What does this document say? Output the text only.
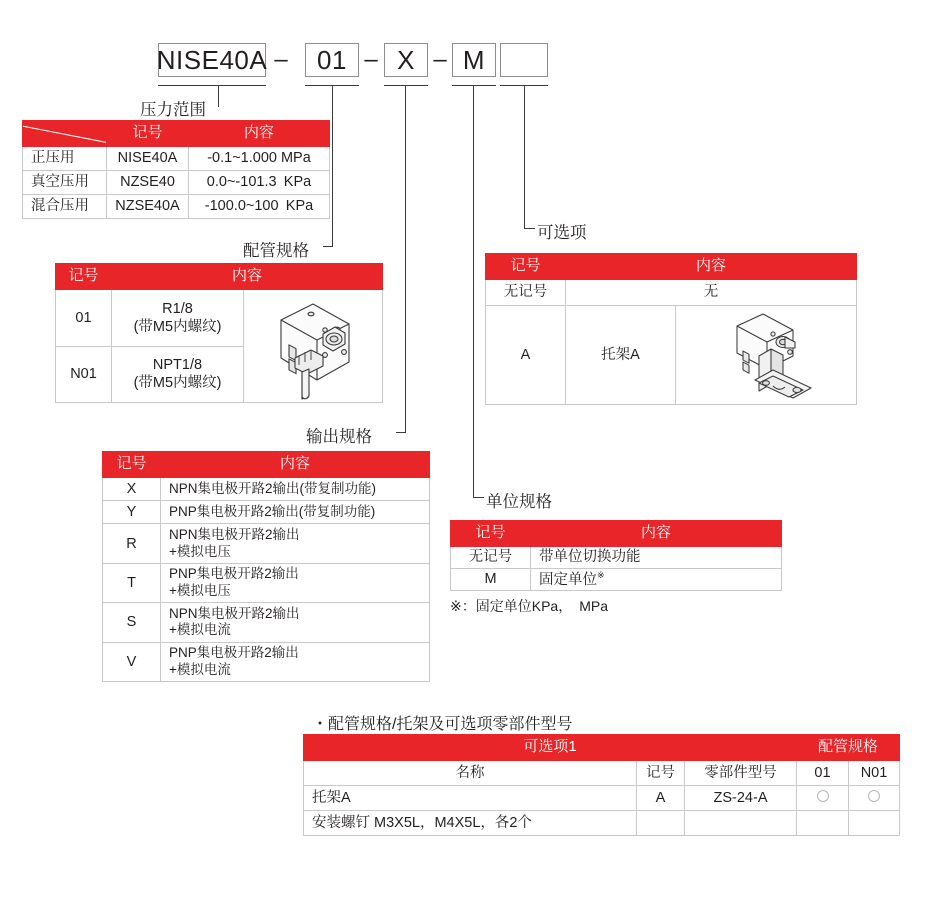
NISE40A – 01 – X – M
压力范围
配管规格
输出规格
可选项
单位规格
	记号	内容
正压用	NISE40A	-0.1~1.000 MPa
真空压用	NZSE40	0.0~-101.3 KPa
混合压用	NZSE40A	-100.0~100 KPa
记号	内容	
01	R1/8
(带M5内螺纹)

N01	NPT1/8
(带M5内螺纹)	
记号	内容
X	NPN集电极开路2输出(带复制功能)

Y	PNP集电极开路2输出(带复制功能)

R	NPN集电极开路2输出
+模拟电压

T	PNP集电极开路2输出
+模拟电压

S	NPN集电极开路2输出
+模拟电流

V	PNP集电极开路2输出
+模拟电流
记号	内容	
无记号	无	
A	托架A	
记号	内容
无记号	带单位切换功能
M	固定单位※
※：固定单位KPa， MPa
・配管规格/托架及可选项零部件型号
可选项1			配管规格	
名称	记号	零部件型号	01	N01
托架A	A	ZS-24-A		
安装螺钉 M3X5L，M4X5L，各2个				
